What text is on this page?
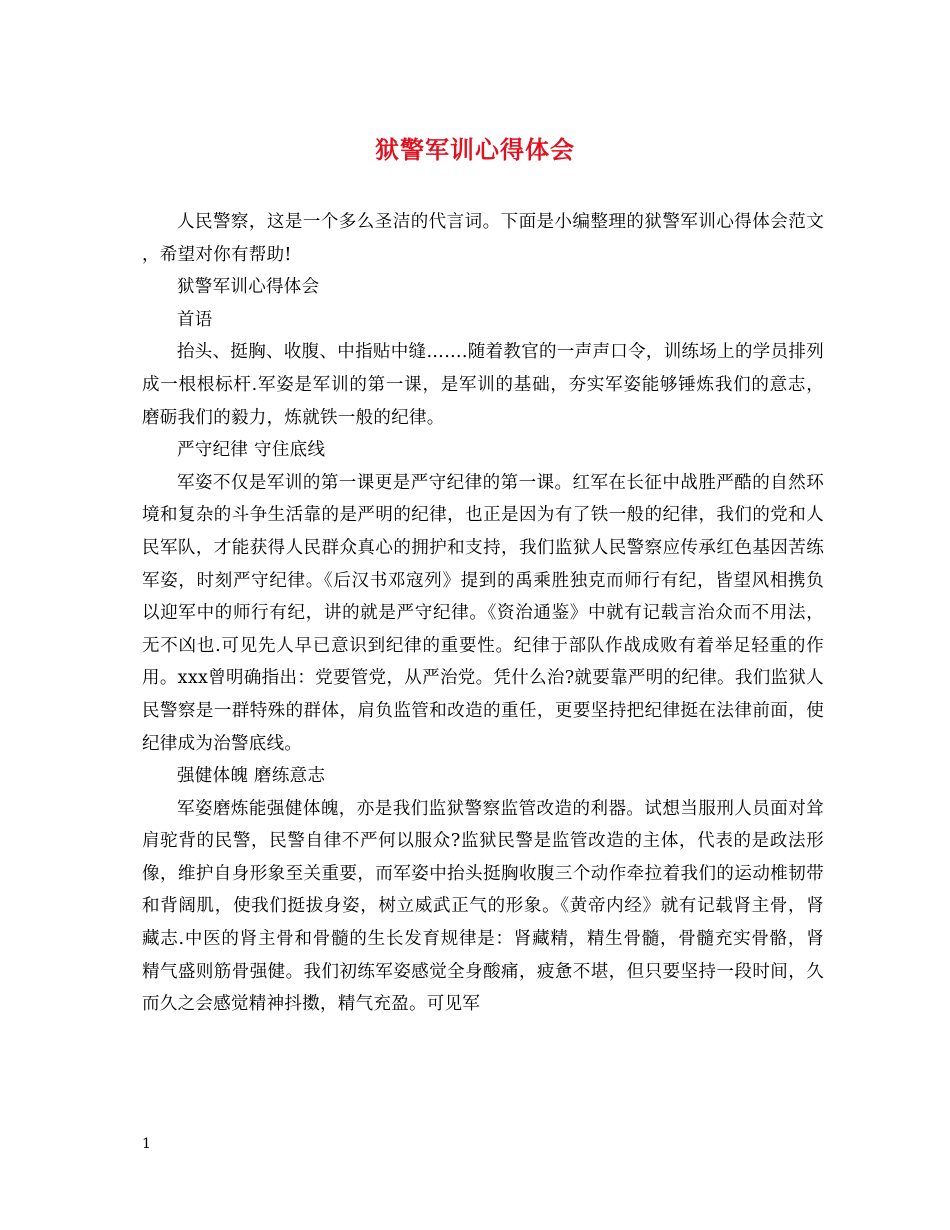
狱警军训心得体会

人民警察，这是一个多么圣洁的代言词。下面是小编整理的狱警军训心得体会范文 ，希望对你有帮助!

狱警军训心得体会

首语

抬头、挺胸、收腹、中指贴中缝…….随着教官的一声声口令，训练场上的学员排列成一根根标杆.军姿是军训的第一课，是军训的基础，夯实军姿能够锤炼我们的意志，磨砺我们的毅力，炼就铁一般的纪律。

严守纪律 守住底线

军姿不仅是军训的第一课更是严守纪律的第一课。红军在长征中战胜严酷的自然环境和复杂的斗争生活靠的是严明的纪律，也正是因为有了铁一般的纪律，我们的党和人民军队，才能获得人民群众真心的拥护和支持，我们监狱人民警察应传承红色基因苦练军姿，时刻严守纪律。《后汉书邓寇列》提到的禹乘胜独克而师行有纪，皆望风相携负以迎军中的师行有纪，讲的就是严守纪律。《资治通鉴》中就有记载言治众而不用法，无不凶也.可见先人早已意识到纪律的重要性。纪律于部队作战成败有着举足轻重的作用。xxx曾明确指出：党要管党，从严治党。凭什么治?就要靠严明的纪律。我们监狱人民警察是一群特殊的群体，肩负监管和改造的重任，更要坚持把纪律挺在法律前面，使纪律成为治警底线。

强健体魄 磨练意志

军姿磨炼能强健体魄，亦是我们监狱警察监管改造的利器。试想当服刑人员面对耸肩驼背的民警，民警自律不严何以服众?监狱民警是监管改造的主体，代表的是政法形像，维护自身形象至关重要，而军姿中抬头挺胸收腹三个动作牵拉着我们的运动椎韧带和背阔肌，使我们挺拔身姿，树立威武正气的形象。《黄帝内经》就有记载肾主骨，肾藏志.中医的肾主骨和骨髓的生长发育规律是：肾藏精，精生骨髓，骨髓充实骨骼，肾精气盛则筋骨强健。我们初练军姿感觉全身酸痛，疲惫不堪，但只要坚持一段时间，久而久之会感觉精神抖擞，精气充盈。可见军

1
